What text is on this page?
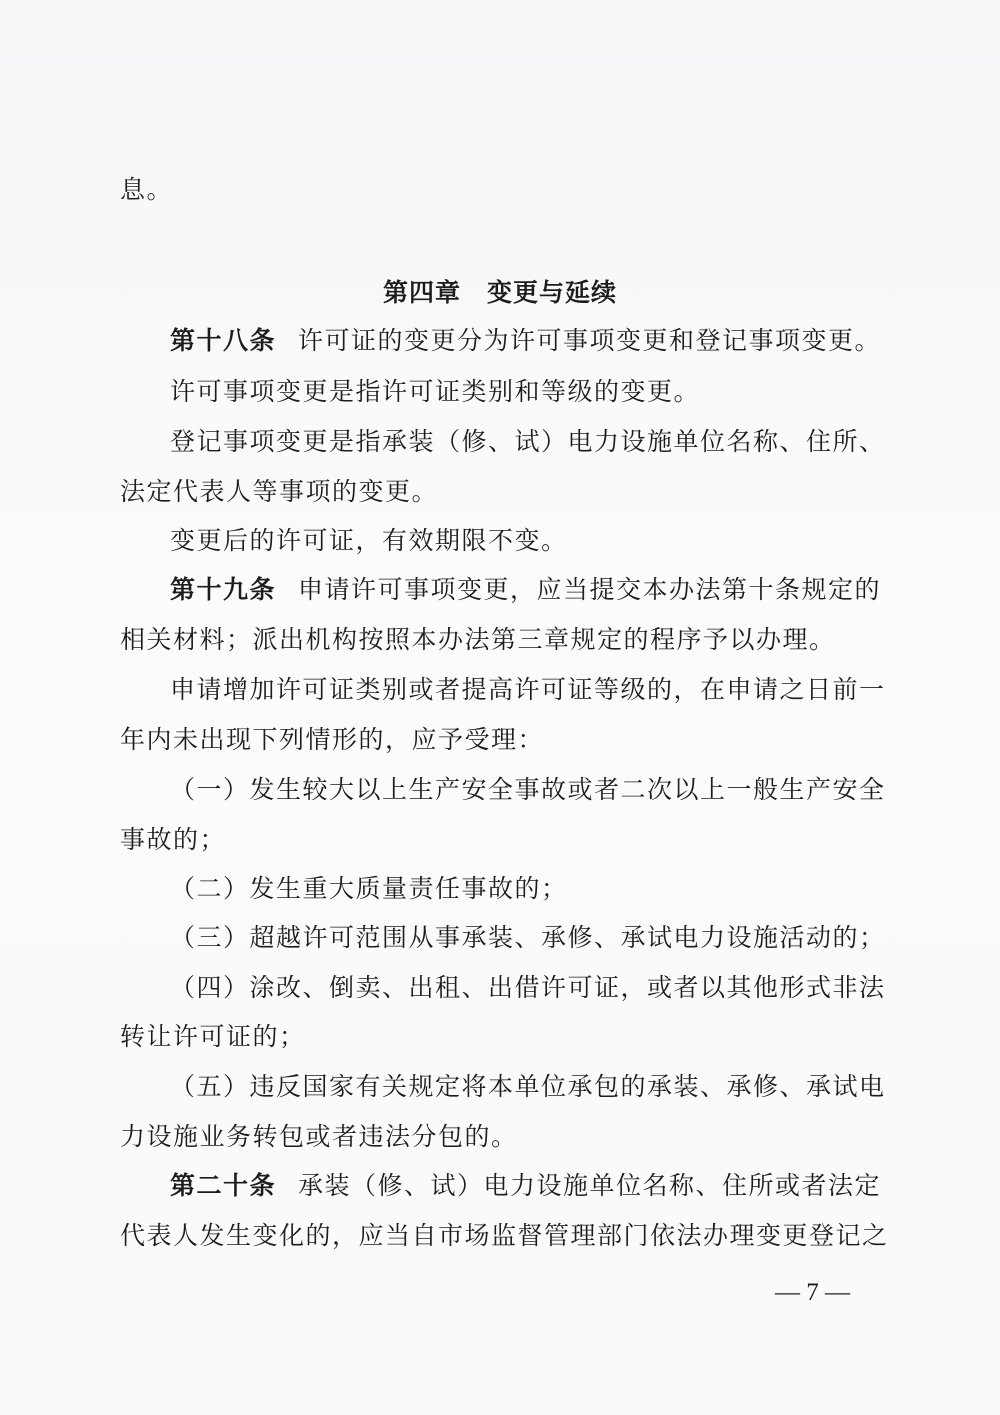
息。
第四章 变更与延续
第十八条 许可证的变更分为许可事项变更和登记事项变更。
许可事项变更是指许可证类别和等级的变更。
登记事项变更是指承装（修、试）电力设施单位名称、住所、
法定代表人等事项的变更。
变更后的许可证，有效期限不变。
第十九条 申请许可事项变更，应当提交本办法第十条规定的
相关材料；派出机构按照本办法第三章规定的程序予以办理。
申请增加许可证类别或者提高许可证等级的，在申请之日前一
年内未出现下列情形的，应予受理：
（一）发生较大以上生产安全事故或者二次以上一般生产安全
事故的；
（二）发生重大质量责任事故的；
（三）超越许可范围从事承装、承修、承试电力设施活动的；
（四）涂改、倒卖、出租、出借许可证，或者以其他形式非法
转让许可证的；
（五）违反国家有关规定将本单位承包的承装、承修、承试电
力设施业务转包或者违法分包的。
第二十条 承装（修、试）电力设施单位名称、住所或者法定
代表人发生变化的，应当自市场监督管理部门依法办理变更登记之
— 7 —
